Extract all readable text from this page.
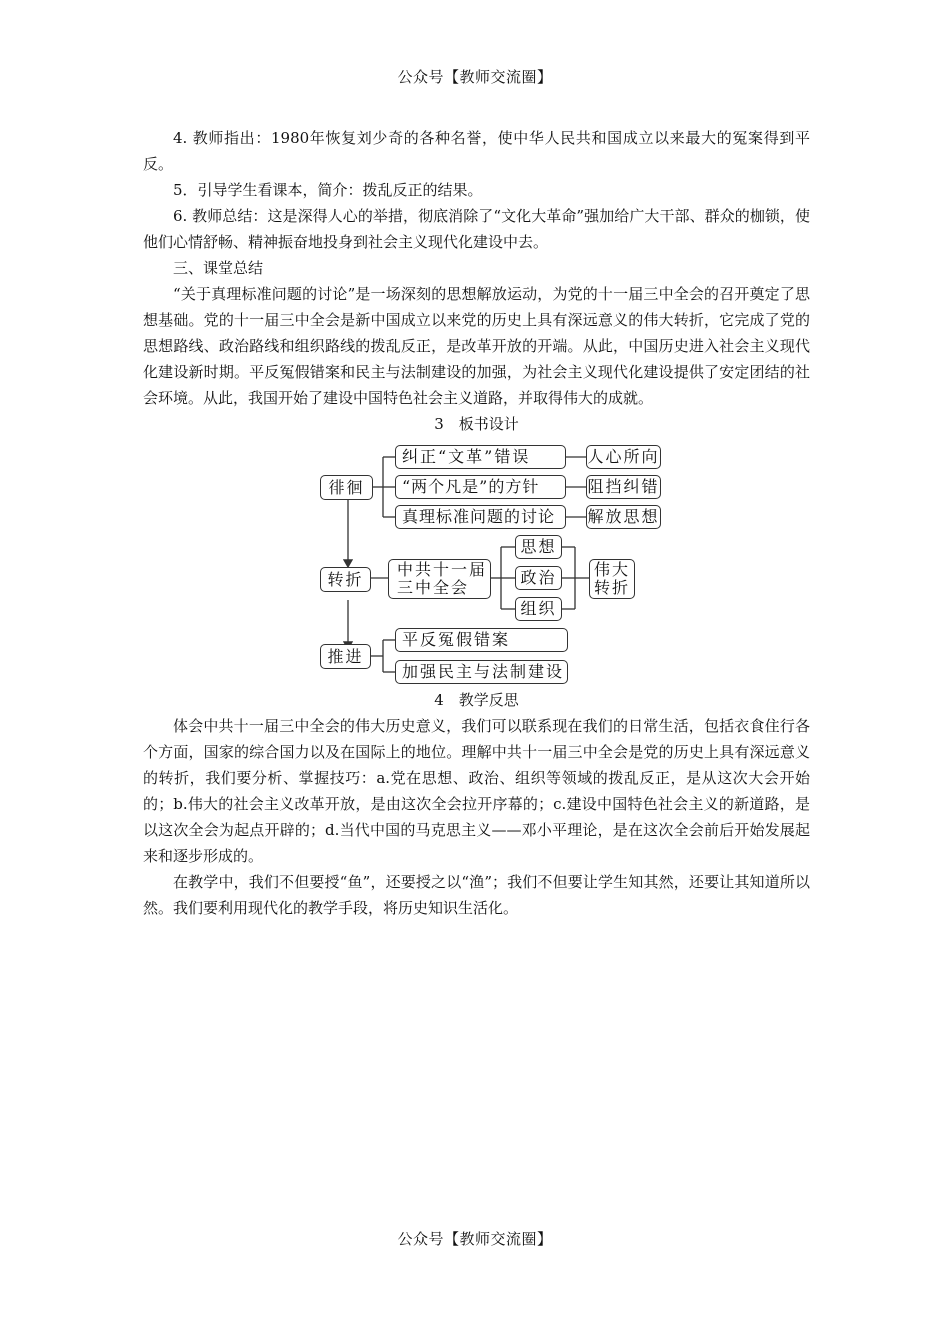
公众号【教师交流圈】

4. 教师指出：1980年恢复刘少奇的各种名誉，使中华人民共和国成立以来最大的冤案得到平反。

5．引导学生看课本，简介：拨乱反正的结果。

6. 教师总结：这是深得人心的举措，彻底消除了“文化大革命”强加给广大干部、群众的枷锁，使他们心情舒畅、精神振奋地投身到社会主义现代化建设中去。

三、课堂总结

“关于真理标准问题的讨论”是一场深刻的思想解放运动，为党的十一届三中全会的召开奠定了思想基础。党的十一届三中全会是新中国成立以来党的历史上具有深远意义的伟大转折，它完成了党的思想路线、政治路线和组织路线的拨乱反正，是改革开放的开端。从此，中国历史进入社会主义现代化建设新时期。平反冤假错案和民主与法制建设的加强，为社会主义现代化建设提供了安定团结的社会环境。从此，我国开始了建设中国特色社会主义道路，并取得伟大的成就。

3　板书设计
徘徊
转折
推进
纠正“文革”错误	人心所向
“两个凡是”的方针	阻挡纠错
真理标准问题的讨论	解放思想
中共十一届
三中全会
思想
政治
组织
伟大
转折
平反冤假错案
加强民主与法制建设
4　教学反思

体会中共十一届三中全会的伟大历史意义，我们可以联系现在我们的日常生活，包括衣食住行各个方面，国家的综合国力以及在国际上的地位。理解中共十一届三中全会是党的历史上具有深远意义的转折，我们要分析、掌握技巧：a.党在思想、政治、组织等领域的拨乱反正，是从这次大会开始的；b.伟大的社会主义改革开放，是由这次全会拉开序幕的；c.建设中国特色社会主义的新道路，是以这次全会为起点开辟的；d.当代中国的马克思主义——邓小平理论，是在这次全会前后开始发展起来和逐步形成的。

在教学中，我们不但要授“鱼”，还要授之以“渔”；我们不但要让学生知其然，还要让其知道所以然。我们要利用现代化的教学手段，将历史知识生活化。

公众号【教师交流圈】
